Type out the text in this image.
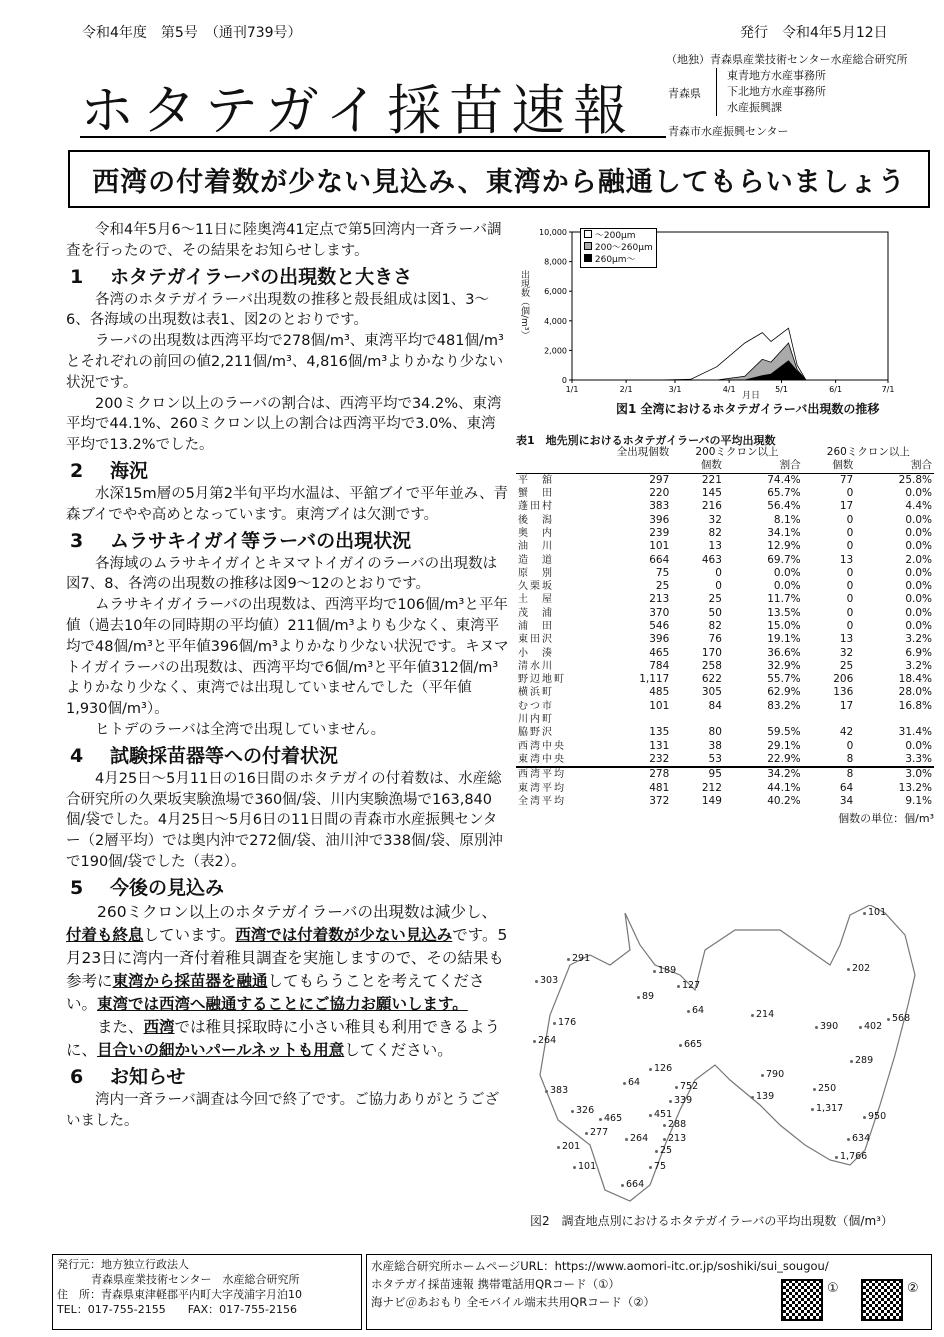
令和4年度　第5号　（通刊739号）	発行　令和4年5月12日
ホタテガイ採苗速報
（地独）青森県産業技術センター水産総合研究所
青森県
東青地方水産事務所
下北地方水産事務所
水産振興課
青森市水産振興センター
西湾の付着数が少ない見込み、東湾から融通してもらいましょう

令和4年5月6～11日に陸奥湾41定点で第5回湾内一斉ラーバ調査を行ったので、その結果をお知らせします。

1 ホタテガイラーバの出現数と大きさ

各湾のホタテガイラーバ出現数の推移と殻長組成は図1、3～6、各海域の出現数は表1、図2のとおりです。

ラーバの出現数は西湾平均で278個/m³、東湾平均で481個/m³とそれぞれの前回の値2,211個/m³、4,816個/m³よりかなり少ない状況です。

200ミクロン以上のラーバの割合は、西湾平均で34.2%、東湾平均で44.1%、260ミクロン以上の割合は西湾平均で3.0%、東湾平均で13.2%でした。

2 海況

水深15m層の5月第2半旬平均水温は、平舘ブイで平年並み、青森ブイでやや高めとなっています。東湾ブイは欠測です。

3 ムラサキイガイ等ラーバの出現状況

各海域のムラサキイガイとキヌマトイガイのラーバの出現数は図7、8、各湾の出現数の推移は図9～12のとおりです。

ムラサキイガイラーバの出現数は、西湾平均で106個/m³と平年値（過去10年の同時期の平均値）211個/m³よりも少なく、東湾平均で48個/m³と平年値396個/m³よりかなり少ない状況です。キヌマトイガイラーバの出現数は、西湾平均で6個/m³と平年値312個/m³よりかなり少なく、東湾では出現していませんでした（平年値1,930個/m³）。

ヒトデのラーバは全湾で出現していません。

4 試験採苗器等への付着状況

4月25日～5月11日の16日間のホタテガイの付着数は、水産総合研究所の久栗坂実験漁場で360個/袋、川内実験漁場で163,840個/袋でした。4月25日～5月6日の11日間の青森市水産振興センター（2層平均）では奥内沖で272個/袋、油川沖で338個/袋、原別沖で190個/袋でした（表2）。

5 今後の見込み

260ミクロン以上のホタテガイラーバの出現数は減少し、付着も終息しています。西湾では付着数が少ない見込みです。5月23日に湾内一斉付着稚貝調査を実施しますので、その結果も参考に東湾から採苗器を融通してもらうことを考えてください。東湾では西湾へ融通することにご協力お願いします。

また、西湾では稚貝採取時に小さい稚貝も利用できるように、目合いの細かいパールネットも用意してください。

6 お知らせ

湾内一斉ラーバ調査は今回で終了です。ご協力ありがとうございました。

0
2,000
4,000
6,000
8,000
10,000
1/1	2/1	3/1	4/1	5/1	6/1	7/1
図1 全湾におけるホタテガイラーバ出現数の推移
出現数（個/m³）
月日
～200μm
200～260μm
260μm～
表1　地先別におけるホタテガイラーバの平均出現数
	全出現個数	200ミクロン以上		260ミクロン以上	
		個数	割合	個数	割合
平　舘	297	221	74.4%	77	25.8%
蟹　田	220	145	65.7%	0	0.0%
蓬田村	383	216	56.4%	17	4.4%
後　潟	396	32	8.1%	0	0.0%
奥　内	239	82	34.1%	0	0.0%
油　川	101	13	12.9%	0	0.0%
造　道	664	463	69.7%	13	2.0%
原　別	75	0	0.0%	0	0.0%
久栗坂	25	0	0.0%	0	0.0%
土　屋	213	25	11.7%	0	0.0%
茂　浦	370	50	13.5%	0	0.0%
浦　田	546	82	15.0%	0	0.0%
東田沢	396	76	19.1%	13	3.2%
小　湊	465	170	36.6%	32	6.9%
清水川	784	258	32.9%	25	3.2%
野辺地町	1,117	622	55.7%	206	18.4%
横浜町	485	305	62.9%	136	28.0%
むつ市	101	84	83.2%	17	16.8%
川内町					
脇野沢	135	80	59.5%	42	31.4%
西湾中央	131	38	29.1%	0	0.0%
東湾中央	232	53	22.9%	8	3.3%
西湾平均	278	95	34.2%	8	3.0%
東湾平均	481	212	44.1%	64	13.2%
全湾平均	372	149	40.2%	34	9.1%
個数の単位：個/m³
101
291
303
189
127
89
202
176
264
214
64
390	402
568
665
289
126
64	752
790
383
339
250
139
326
465	451
288
1,317
950
277
201
264 213	634
25
1,766
101	75
664
図2　調査地点別におけるホタテガイラーバの平均出現数（個/m³）
発行元：地方独立行政法人
青森県産業技術センター　水産総合研究所
住　所：青森県東津軽郡平内町大字茂浦字月泊10
TEL：017-755-2155　　FAX：017-755-2156
水産総合研究所ホームページURL：https://www.aomori-itc.or.jp/soshiki/sui_sougou/
ホタテガイ採苗速報 携帯電話用QRコード（①）
海ナビ＠あおもり 全モバイル端末共用QRコード（②）
①	②
